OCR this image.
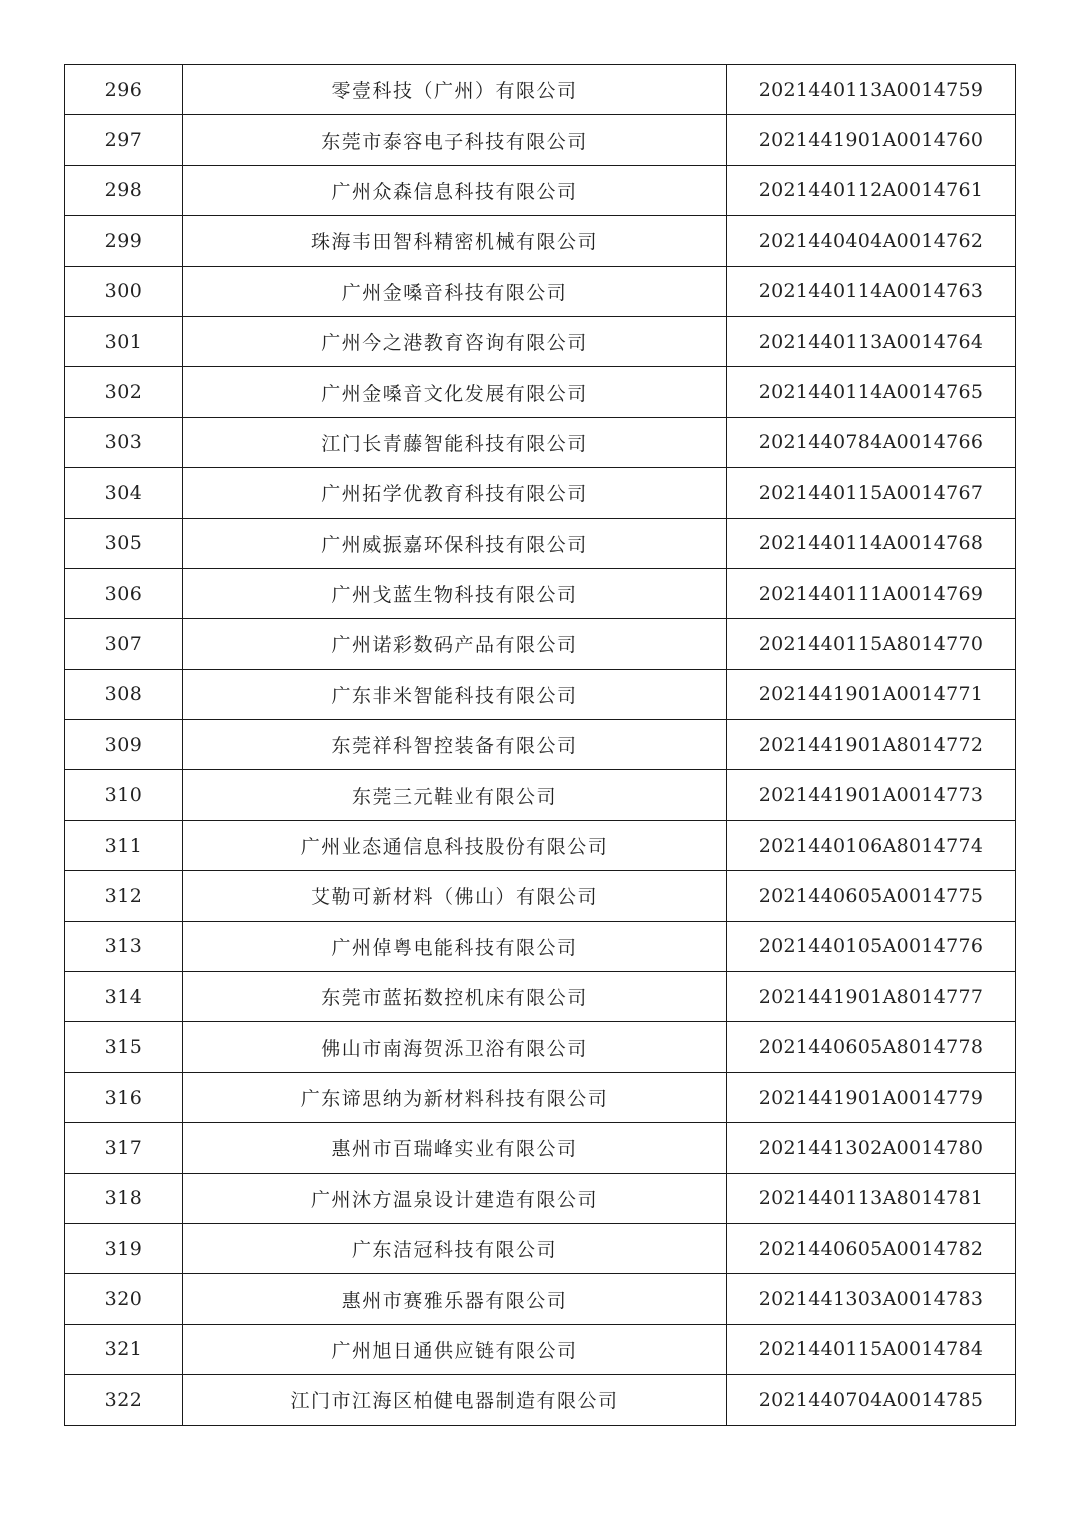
296	零壹科技（广州）有限公司	2021440113A0014759
297	东莞市泰容电子科技有限公司	2021441901A0014760
298	广州众森信息科技有限公司	2021440112A0014761
299	珠海韦田智科精密机械有限公司	2021440404A0014762
300	广州金嗓音科技有限公司	2021440114A0014763
301	广州今之港教育咨询有限公司	2021440113A0014764
302	广州金嗓音文化发展有限公司	2021440114A0014765
303	江门长青藤智能科技有限公司	2021440784A0014766
304	广州拓学优教育科技有限公司	2021440115A0014767
305	广州威振嘉环保科技有限公司	2021440114A0014768
306	广州戈蓝生物科技有限公司	2021440111A0014769
307	广州诺彩数码产品有限公司	2021440115A8014770
308	广东非米智能科技有限公司	2021441901A0014771
309	东莞祥科智控装备有限公司	2021441901A8014772
310	东莞三元鞋业有限公司	2021441901A0014773
311	广州业态通信息科技股份有限公司	2021440106A8014774
312	艾勒可新材料（佛山）有限公司	2021440605A0014775
313	广州倬粤电能科技有限公司	2021440105A0014776
314	东莞市蓝拓数控机床有限公司	2021441901A8014777
315	佛山市南海贺泺卫浴有限公司	2021440605A8014778
316	广东谛思纳为新材料科技有限公司	2021441901A0014779
317	惠州市百瑞峰实业有限公司	2021441302A0014780
318	广州沐方温泉设计建造有限公司	2021440113A8014781
319	广东洁冠科技有限公司	2021440605A0014782
320	惠州市赛雅乐器有限公司	2021441303A0014783
321	广州旭日通供应链有限公司	2021440115A0014784
322	江门市江海区柏健电器制造有限公司	2021440704A0014785
